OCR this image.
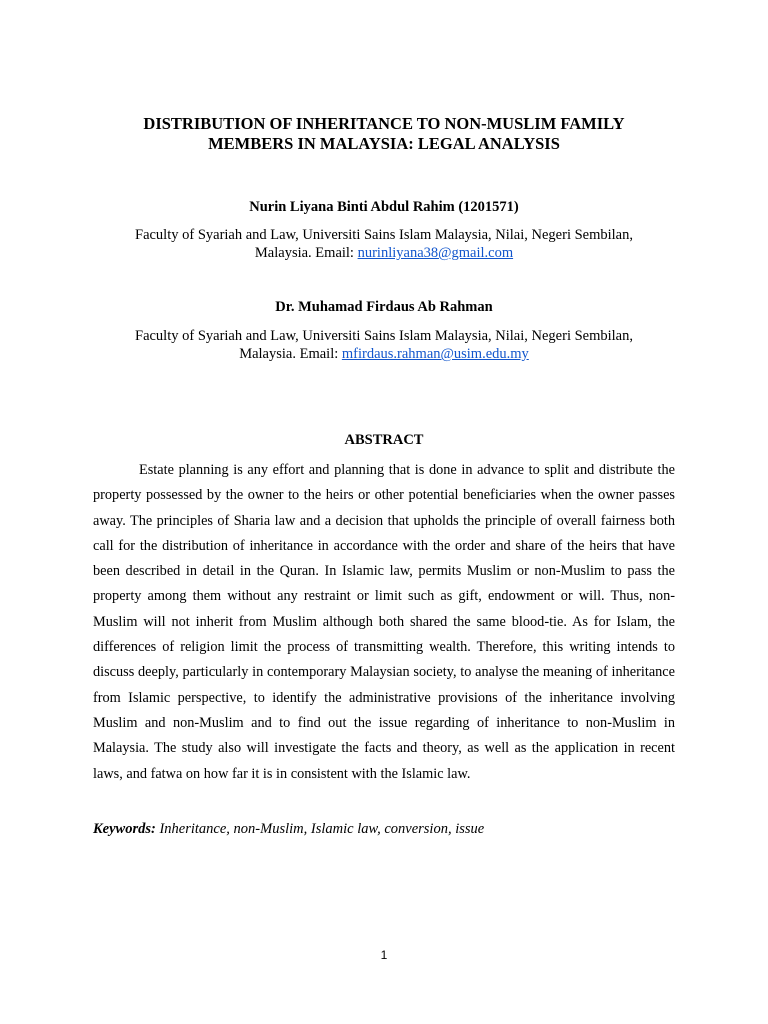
DISTRIBUTION OF INHERITANCE TO NON-MUSLIM FAMILY
MEMBERS IN MALAYSIA: LEGAL ANALYSIS

Nurin Liyana Binti Abdul Rahim (1201571)

Faculty of Syariah and Law, Universiti Sains Islam Malaysia, Nilai, Negeri Sembilan,
Malaysia. Email: nurinliyana38@gmail.com

Dr. Muhamad Firdaus Ab Rahman

Faculty of Syariah and Law, Universiti Sains Islam Malaysia, Nilai, Negeri Sembilan,
Malaysia. Email: mfirdaus.rahman@usim.edu.my

ABSTRACT

Estate planning is any effort and planning that is done in advance to split and distribute the property possessed by the owner to the heirs or other potential beneficiaries when the owner passes away. The principles of Sharia law and a decision that upholds the principle of overall fairness both call for the distribution of inheritance in accordance with the order and share of the heirs that have been described in detail in the Quran. In Islamic law, permits Muslim or non-Muslim to pass the property among them without any restraint or limit such as gift, endowment or will. Thus, non-Muslim will not inherit from Muslim although both shared the same blood-tie. As for Islam, the differences of religion limit the process of transmitting wealth. Therefore, this writing intends to discuss deeply, particularly in contemporary Malaysian society, to analyse the meaning of inheritance from Islamic perspective, to identify the administrative provisions of the inheritance involving Muslim and non-Muslim and to find out the issue regarding of inheritance to non-Muslim in Malaysia. The study also will investigate the facts and theory, as well as the application in recent laws, and fatwa on how far it is in consistent with the Islamic law.

Keywords: Inheritance, non-Muslim, Islamic law, conversion, issue

1
